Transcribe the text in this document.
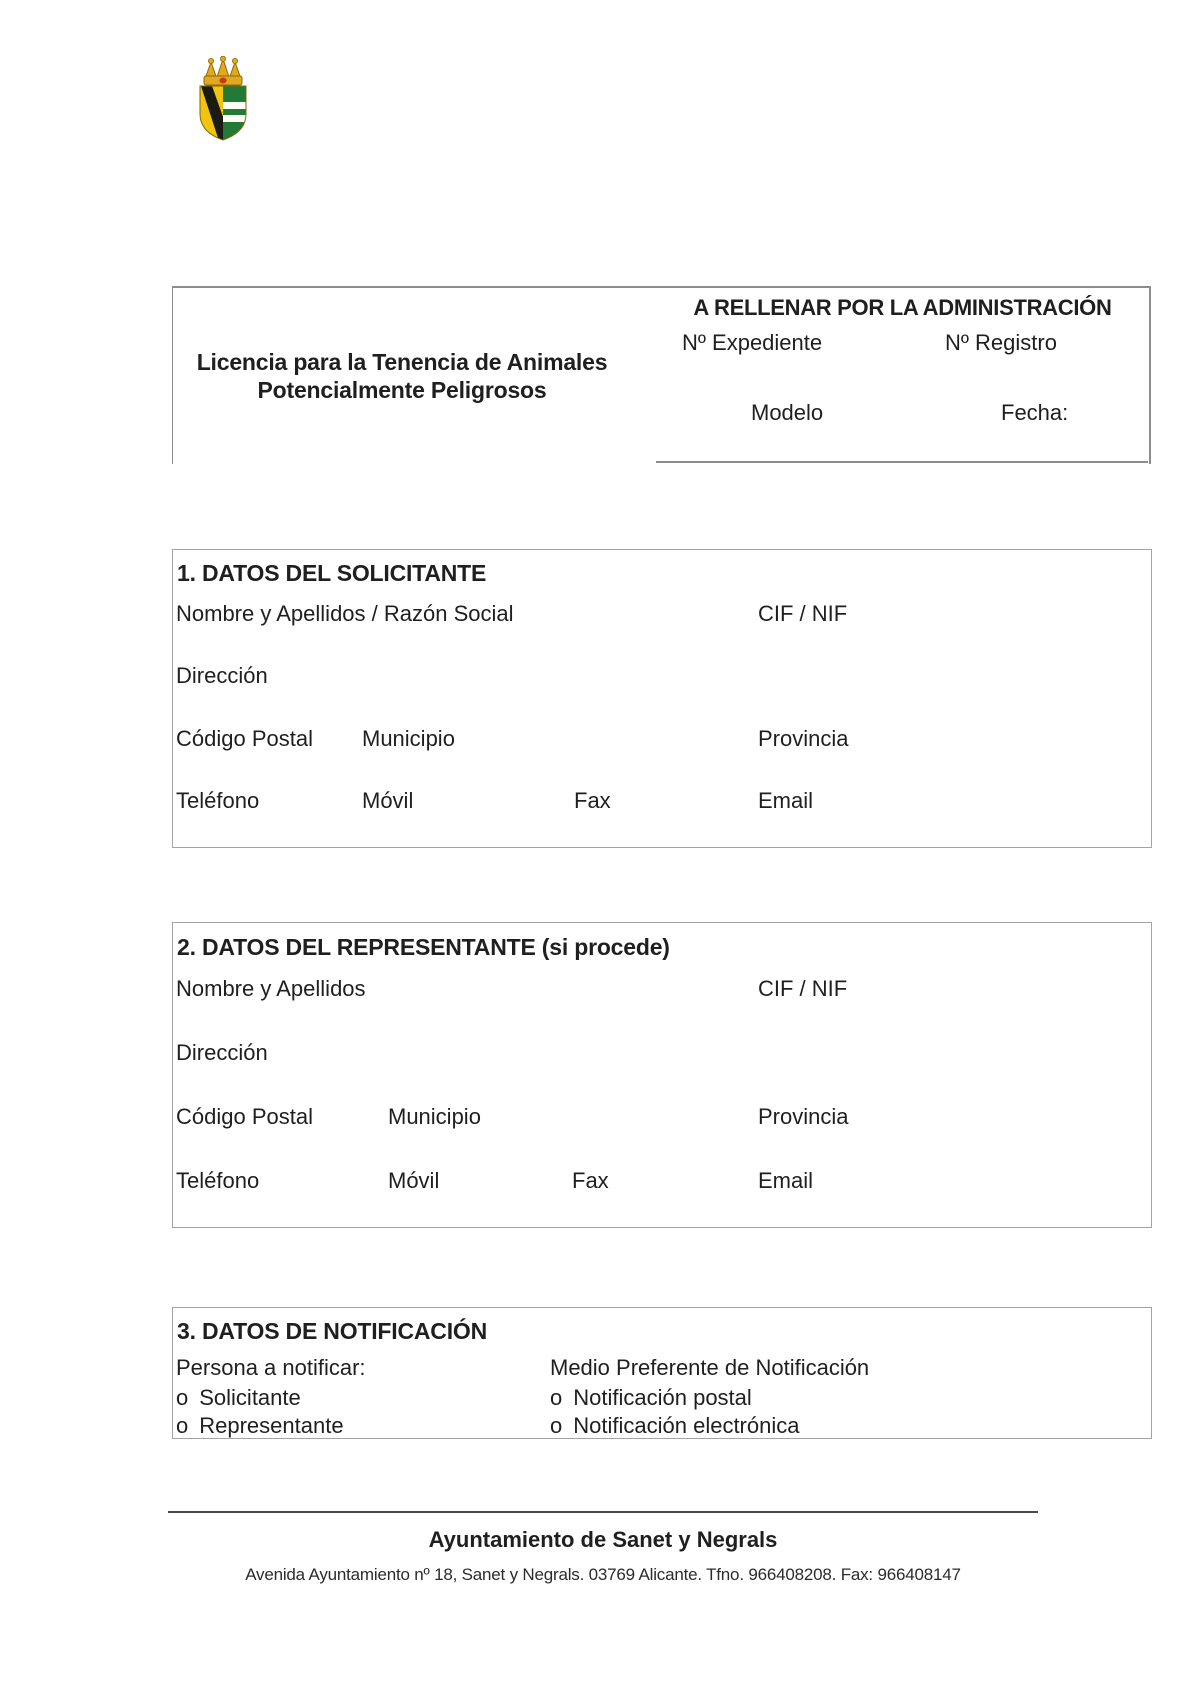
Licencia para la Tenencia de Animales
Potencialmente Peligrosos
A RELLENAR POR LA ADMINISTRACIÓN
Nº Expediente	Nº Registro
Modelo	Fecha:
1. DATOS DEL SOLICITANTE
Nombre y Apellidos / Razón Social	CIF / NIF
Dirección
Código Postal Municipio	Provincia
Teléfono	Móvil	Fax	Email
2. DATOS DEL REPRESENTANTE (si procede)
Nombre y Apellidos	CIF / NIF
Dirección
Código Postal	Municipio	Provincia
Teléfono	Móvil	Fax	Email
3. DATOS DE NOTIFICACIÓN
Persona a notificar:	Medio Preferente de Notificación
o Solicitante	o Notificación postal
o Representante	o Notificación electrónica
Ayuntamiento de Sanet y Negrals
Avenida Ayuntamiento nº 18, Sanet y Negrals. 03769 Alicante. Tfno. 966408208. Fax: 966408147
